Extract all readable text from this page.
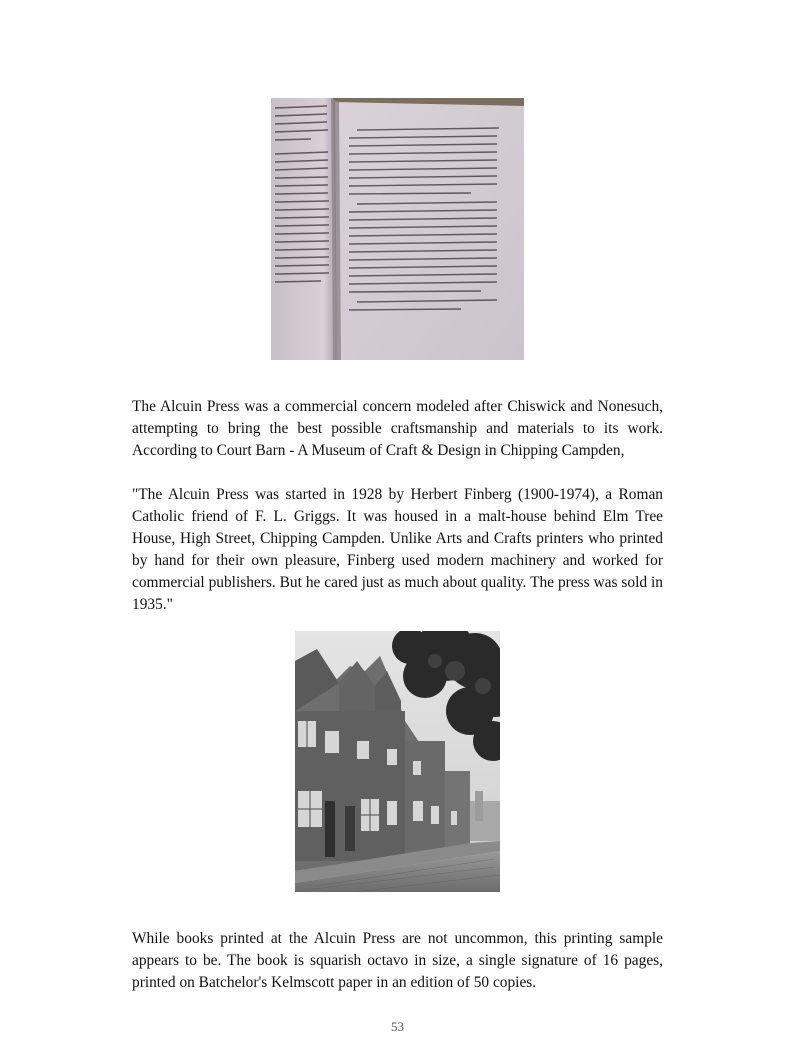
The Alcuin Press was a commercial concern modeled after Chiswick and Nonesuch, attempting to bring the best possible craftsmanship and materials to its work. According to Court Barn - A Museum of Craft & Design in Chipping Campden,

"The Alcuin Press was started in 1928 by Herbert Finberg (1900-1974), a Roman Catholic friend of F. L. Griggs. It was housed in a malt-house behind Elm Tree House, High Street, Chipping Campden. Unlike Arts and Crafts printers who printed by hand for their own pleasure, Finberg used modern machinery and worked for commercial publishers. But he cared just as much about quality. The press was sold in 1935."

While books printed at the Alcuin Press are not uncommon, this printing sample appears to be. The book is squarish octavo in size, a single signature of 16 pages, printed on Batchelor's Kelmscott paper in an edition of 50 copies.

53
